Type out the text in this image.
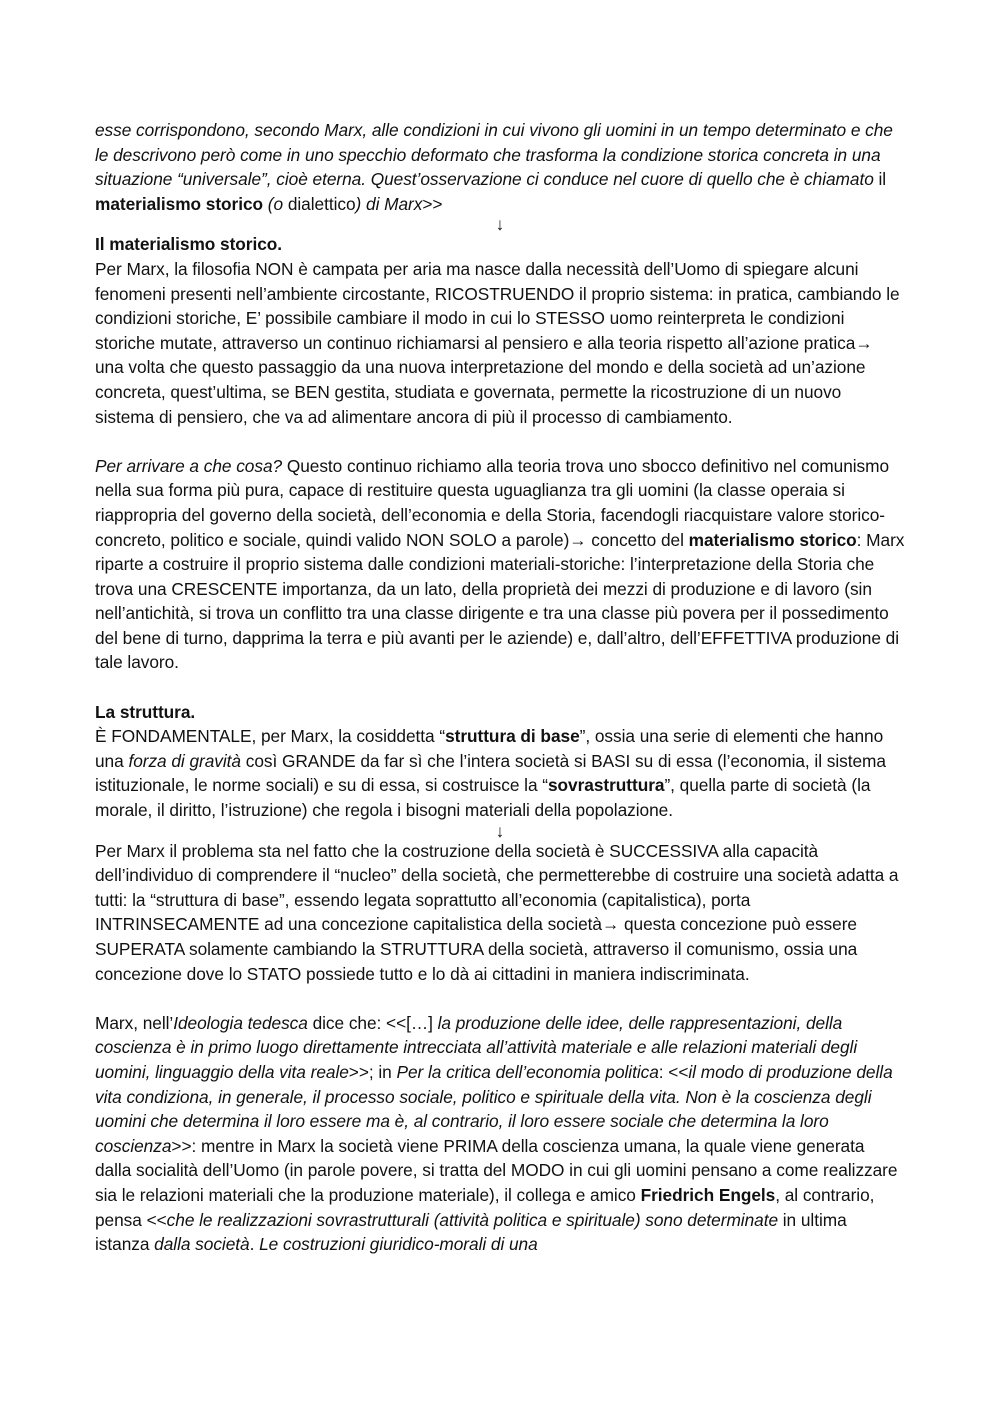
esse corrispondono, secondo Marx, alle condizioni in cui vivono gli uomini in un tempo determinato e che le descrivono però come in uno specchio deformato che trasforma la condizione storica concreta in una situazione “universale”, cioè eterna. Quest’osservazione ci conduce nel cuore di quello che è chiamato il materialismo storico (o dialettico) di Marx>>

↓

Il materialismo storico.

Per Marx, la filosofia NON è campata per aria ma nasce dalla necessità dell’Uomo di spiegare alcuni fenomeni presenti nell’ambiente circostante, RICOSTRUENDO il proprio sistema: in pratica, cambiando le condizioni storiche, E’ possibile cambiare il modo in cui lo STESSO uomo reinterpreta le condizioni storiche mutate, attraverso un continuo richiamarsi al pensiero e alla teoria rispetto all’azione pratica→ una volta che questo passaggio da una nuova interpretazione del mondo e della società ad un’azione concreta, quest’ultima, se BEN gestita, studiata e governata, permette la ricostruzione di un nuovo sistema di pensiero, che va ad alimentare ancora di più il processo di cambiamento.

Per arrivare a che cosa? Questo continuo richiamo alla teoria trova uno sbocco definitivo nel comunismo nella sua forma più pura, capace di restituire questa uguaglianza tra gli uomini (la classe operaia si riappropria del governo della società, dell’economia e della Storia, facendogli riacquistare valore storico-concreto, politico e sociale, quindi valido NON SOLO a parole)→ concetto del materialismo storico: Marx riparte a costruire il proprio sistema dalle condizioni materiali-storiche: l’interpretazione della Storia che trova una CRESCENTE importanza, da un lato, della proprietà dei mezzi di produzione e di lavoro (sin nell’antichità, si trova un conflitto tra una classe dirigente e tra una classe più povera per il possedimento del bene di turno, dapprima la terra e più avanti per le aziende) e, dall’altro, dell’EFFETTIVA produzione di tale lavoro.

La struttura.

È FONDAMENTALE, per Marx, la cosiddetta “struttura di base”, ossia una serie di elementi che hanno una forza di gravità così GRANDE da far sì che l’intera società si BASI su di essa (l’economia, il sistema istituzionale, le norme sociali) e su di essa, si costruisce la “sovrastruttura”, quella parte di società (la morale, il diritto, l’istruzione) che regola i bisogni materiali della popolazione.

↓

Per Marx il problema sta nel fatto che la costruzione della società è SUCCESSIVA alla capacità dell’individuo di comprendere il “nucleo” della società, che permetterebbe di costruire una società adatta a tutti: la “struttura di base”, essendo legata soprattutto all’economia (capitalistica), porta INTRINSECAMENTE ad una concezione capitalistica della società→ questa concezione può essere SUPERATA solamente cambiando la STRUTTURA della società, attraverso il comunismo, ossia una concezione dove lo STATO possiede tutto e lo dà ai cittadini in maniera indiscriminata.

Marx, nell’Ideologia tedesca dice che: <<[…] la produzione delle idee, delle rappresentazioni, della coscienza è in primo luogo direttamente intrecciata all’attività materiale e alle relazioni materiali degli uomini, linguaggio della vita reale>>; in Per la critica dell’economia politica: <<il modo di produzione della vita condiziona, in generale, il processo sociale, politico e spirituale della vita. Non è la coscienza degli uomini che determina il loro essere ma è, al contrario, il loro essere sociale che determina la loro coscienza>>: mentre in Marx la società viene PRIMA della coscienza umana, la quale viene generata dalla socialità dell’Uomo (in parole povere, si tratta del MODO in cui gli uomini pensano a come realizzare sia le relazioni materiali che la produzione materiale), il collega e amico Friedrich Engels, al contrario, pensa <<che le realizzazioni sovrastrutturali (attività politica e spirituale) sono determinate in ultima istanza dalla società. Le costruzioni giuridico-morali di una
